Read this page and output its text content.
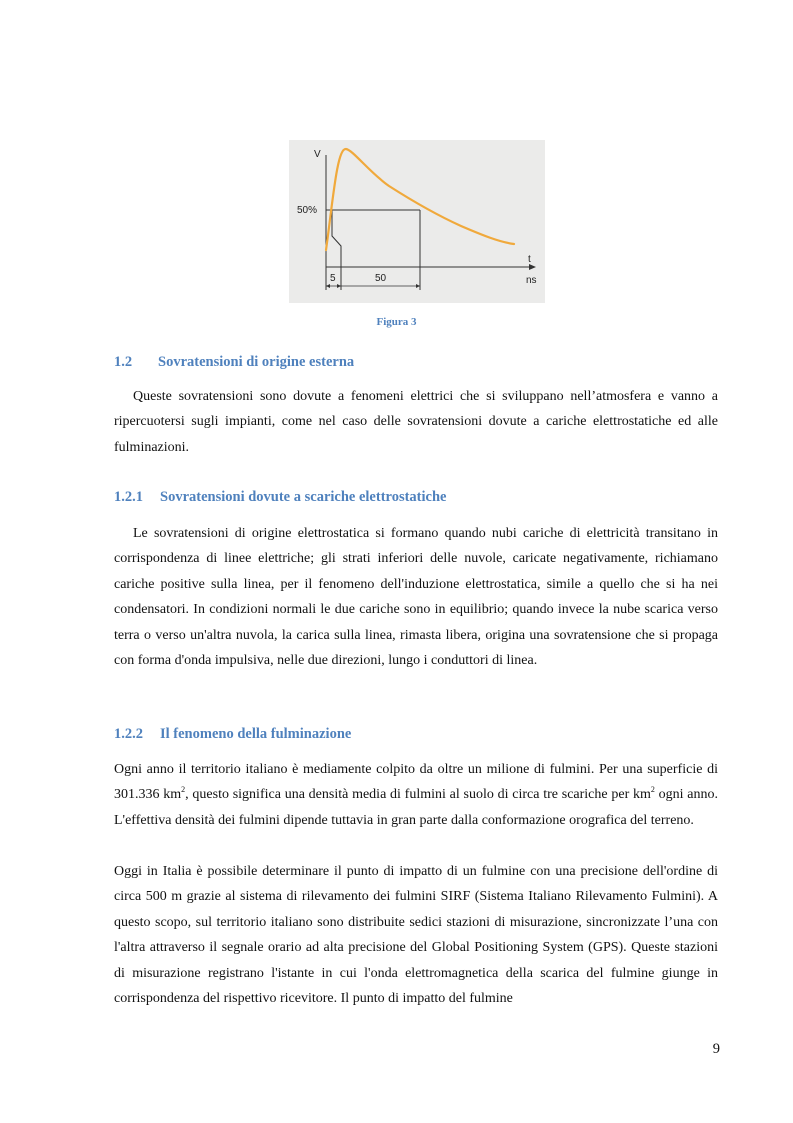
V
t
ns
50%
5	50
Figura 3
1.2 Sovratensioni di origine esterna
Queste sovratensioni sono dovute a fenomeni elettrici che si sviluppano nell’atmosfera e vanno a ripercuotersi sugli impianti, come nel caso delle sovratensioni dovute a cariche elettrostatiche ed alle fulminazioni.
1.2.1 Sovratensioni dovute a scariche elettrostatiche
Le sovratensioni di origine elettrostatica si formano quando nubi cariche di elettricità transitano in corrispondenza di linee elettriche; gli strati inferiori delle nuvole, caricate negativamente, richiamano cariche positive sulla linea, per il fenomeno dell'induzione elettrostatica, simile a quello che si ha nei condensatori. In condizioni normali le due cariche sono in equilibrio; quando invece la nube scarica verso terra o verso un'altra nuvola, la carica sulla linea, rimasta libera, origina una sovratensione che si propaga con forma d'onda impulsiva, nelle due direzioni, lungo i conduttori di linea.
1.2.2 Il fenomeno della fulminazione
Ogni anno il territorio italiano è mediamente colpito da oltre un milione di fulmini. Per una superficie di 301.336 $km^2$, questo significa una densità media di fulmini al suolo di circa tre scariche per $km^2$ ogni anno. L'effettiva densità dei fulmini dipende tuttavia in gran parte dalla conformazione orografica del terreno.
Oggi in Italia è possibile determinare il punto di impatto di un fulmine con una precisione dell'ordine di circa 500 m grazie al sistema di rilevamento dei fulmini SIRF (Sistema Italiano Rilevamento Fulmini). A questo scopo, sul territorio italiano sono distribuite sedici stazioni di misurazione, sincronizzate l’una con l'altra attraverso il segnale orario ad alta precisione del Global Positioning System (GPS). Queste stazioni di misurazione registrano l'istante in cui l'onda elettromagnetica della scarica del fulmine giunge in corrispondenza del rispettivo ricevitore. Il punto di impatto del fulmine
9
